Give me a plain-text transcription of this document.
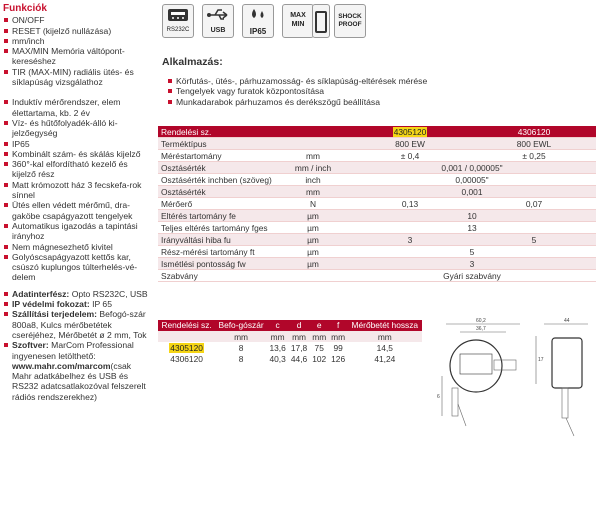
Funkciók
ON/OFF
RESET (kijelző nullázása)
mm/inch
MAX/MIN Memória váltópont-kereséshez
TIR (MAX-MIN) radiális ütés- és síklapúság vizsgálathoz
Induktív mérőrendszer, elem élettartama, kb. 2 év
Víz- és hűtőfolyadék-álló ki-jelzőegység
IP65
Kombinált szám- és skálás kijelző
360°-kal elfordítható kezelő és kijelző rész
Matt krómozott ház 3 fecskefa-rok sínnel
Ütés ellen védett mérőmű, dra-gaköbe csapágyazott tengelyek
Automatikus igazodás a tapintási irányhoz
Nem mágnesezhető kivitel
Golyóscsapágyazott kettős kar, csúszó kuplungos túlterhelés-vé-delem
Adatinterfész: Opto RS232C, USB
IP védelmi fokozat: IP 65
Szállítási terjedelem: Befogó-szár 800a8, Kulcs mérőbetétek cseréjéhez, Mérőbetét ø 2 mm, Tok
Szoftver: MarCom Professional ingyenesen letölthető: www.mahr.com/marcom(csak Mahr adatkábelhez és USB és RS232 adatcsatlakozóval felszerelt rádiós rendszerekhez)
RS232C	USB	IP65
MAX MIN
SHOCK PROOF
Alkalmazás:
Körfutás-, ütés-, párhuzamosság- és síklapúság-eltérések mérése
Tengelyek vagy furatok központosítása
Munkadarabok párhuzamos és derékszögű beállítása
Rendelési sz.		4305120	4306120
Terméktípus		800 EW	800 EWL
Méréstartomány	mm	± 0,4	± 0,25
Osztásérték	mm / inch	0,001 / 0,00005"	
Osztásérték inchben (szöveg)	inch	0,00005"	
Osztásérték	mm	0,001	
Mérőerő	N	0,13	0,07
Eltérés tartomány fe	µm	10	
Teljes eltérés tartomány fges	µm	13	
Irányváltási hiba fu	µm	3	5
Rész-mérési tartomány ft	µm	5	
Ismétlési pontosság fw	µm	3	
Szabvány		Gyári szabvány	
Rendelési sz.	Befo-gószár	c	d	e	f	Mérőbetét hossza
	mm	mm	mm	mm	mm	mm
4305120	8	13,6	17,8	75	99	14,5
4306120	8	40,3	44,6	102	126	41,24
60,2
36,7
44
17
6
